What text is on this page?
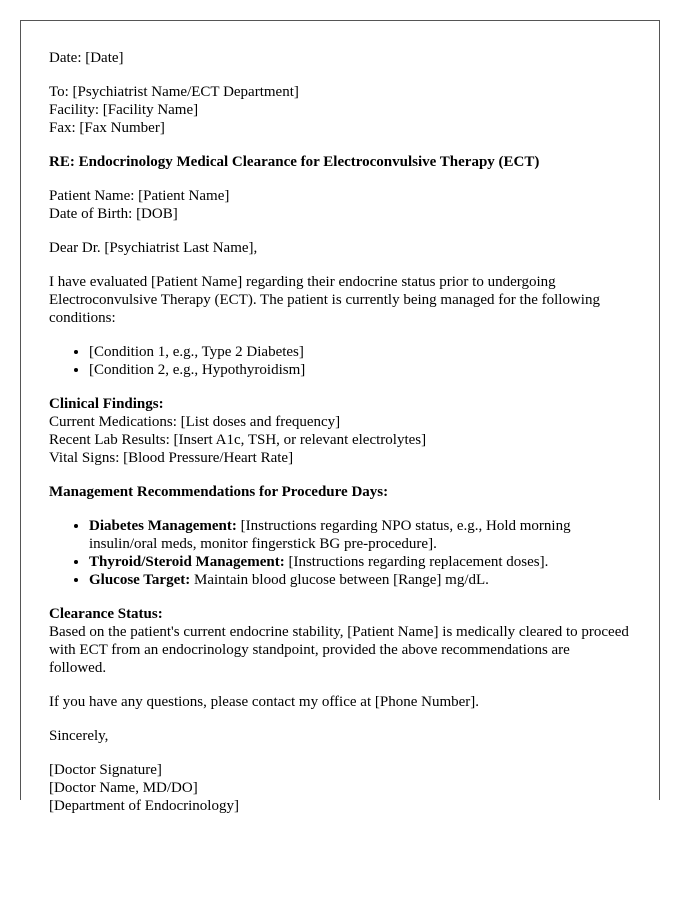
Date: [Date]

To: [Psychiatrist Name/ECT Department]
Facility: [Facility Name]
Fax: [Fax Number]

RE: Endocrinology Medical Clearance for Electroconvulsive Therapy (ECT)

Patient Name: [Patient Name]
Date of Birth: [DOB]

Dear Dr. [Psychiatrist Last Name],

I have evaluated [Patient Name] regarding their endocrine status prior to undergoing Electroconvulsive Therapy (ECT). The patient is currently being managed for the following conditions:

• [Condition 1, e.g., Type 2 Diabetes]
• [Condition 2, e.g., Hypothyroidism]

Clinical Findings:
Current Medications: [List doses and frequency]
Recent Lab Results: [Insert A1c, TSH, or relevant electrolytes]
Vital Signs: [Blood Pressure/Heart Rate]

Management Recommendations for Procedure Days:

• Diabetes Management: [Instructions regarding NPO status, e.g., Hold morning insulin/oral meds, monitor fingerstick BG pre-procedure].
• Thyroid/Steroid Management: [Instructions regarding replacement doses].
• Glucose Target: Maintain blood glucose between [Range] mg/dL.

Clearance Status:
Based on the patient's current endocrine stability, [Patient Name] is medically cleared to proceed with ECT from an endocrinology standpoint, provided the above recommendations are followed.

If you have any questions, please contact my office at [Phone Number].

Sincerely,

[Doctor Signature]
[Doctor Name, MD/DO]
[Department of Endocrinology]
